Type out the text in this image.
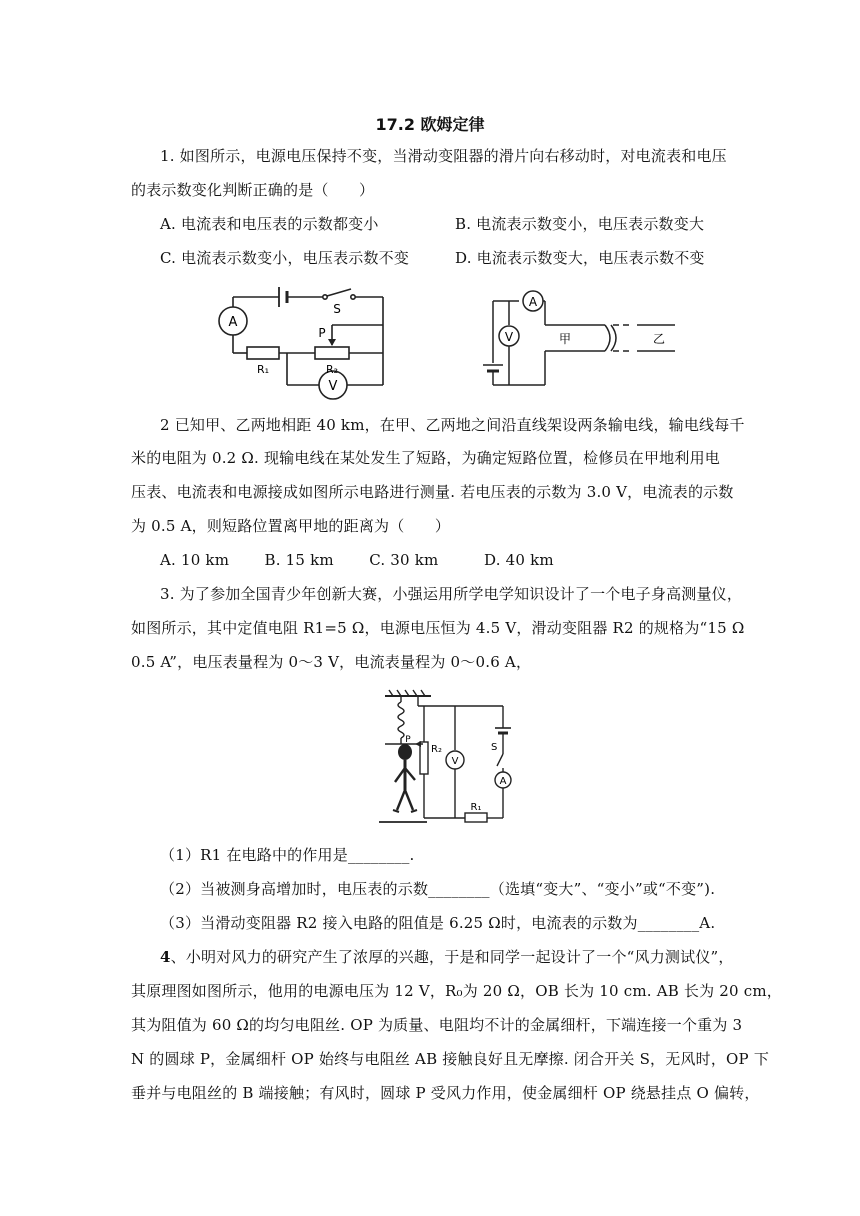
17.2 欧姆定律
1. 如图所示，电源电压保持不变，当滑动变阻器的滑片向右移动时，对电流表和电压
的表示数变化判断正确的是（　　）
A. 电流表和电压表的示数都变小	B. 电流表示数变小，电压表示数变大
C. 电流表示数变小，电压表示数不变	D. 电流表示数变大，电压表示数不变
A
S
P
R₁	R₂
V
A
V	甲	乙
2 已知甲、乙两地相距 40 km，在甲、乙两地之间沿直线架设两条输电线，输电线每千
米的电阻为 0.2 Ω. 现输电线在某处发生了短路，为确定短路位置，检修员在甲地利用电
压表、电流表和电源接成如图所示电路进行测量. 若电压表的示数为 3.0 V，电流表的示数
为 0.5 A，则短路位置离甲地的距离为（　　）
A. 10 km　　 B. 15 km　　 C. 30 km　　　D. 40 km
3. 为了参加全国青少年创新大赛，小强运用所学电学知识设计了一个电子身高测量仪，
如图所示，其中定值电阻 R1=5 Ω，电源电压恒为 4.5 V，滑动变阻器 R2 的规格为“15 Ω
0.5 A”，电压表量程为 0～3 V，电流表量程为 0～0.6 A，
P
R₂
V
S
A
R₁
（1）R1 在电路中的作用是________.
（2）当被测身高增加时，电压表的示数________（选填“变大”、“变小”或“不变”).
（3）当滑动变阻器 R2 接入电路的阻值是 6.25 Ω时，电流表的示数为________A.
4、小明对风力的研究产生了浓厚的兴趣，于是和同学一起设计了一个“风力测试仪”，
其原理图如图所示，他用的电源电压为 12 V，R₀为 20 Ω，OB 长为 10 cm. AB 长为 20 cm，
其为阻值为 60 Ω的均匀电阻丝. OP 为质量、电阻均不计的金属细杆，下端连接一个重为 3
N 的圆球 P，金属细杆 OP 始终与电阻丝 AB 接触良好且无摩擦. 闭合开关 S，无风时，OP 下
垂并与电阻丝的 B 端接触；有风时，圆球 P 受风力作用，使金属细杆 OP 绕悬挂点 O 偏转，
